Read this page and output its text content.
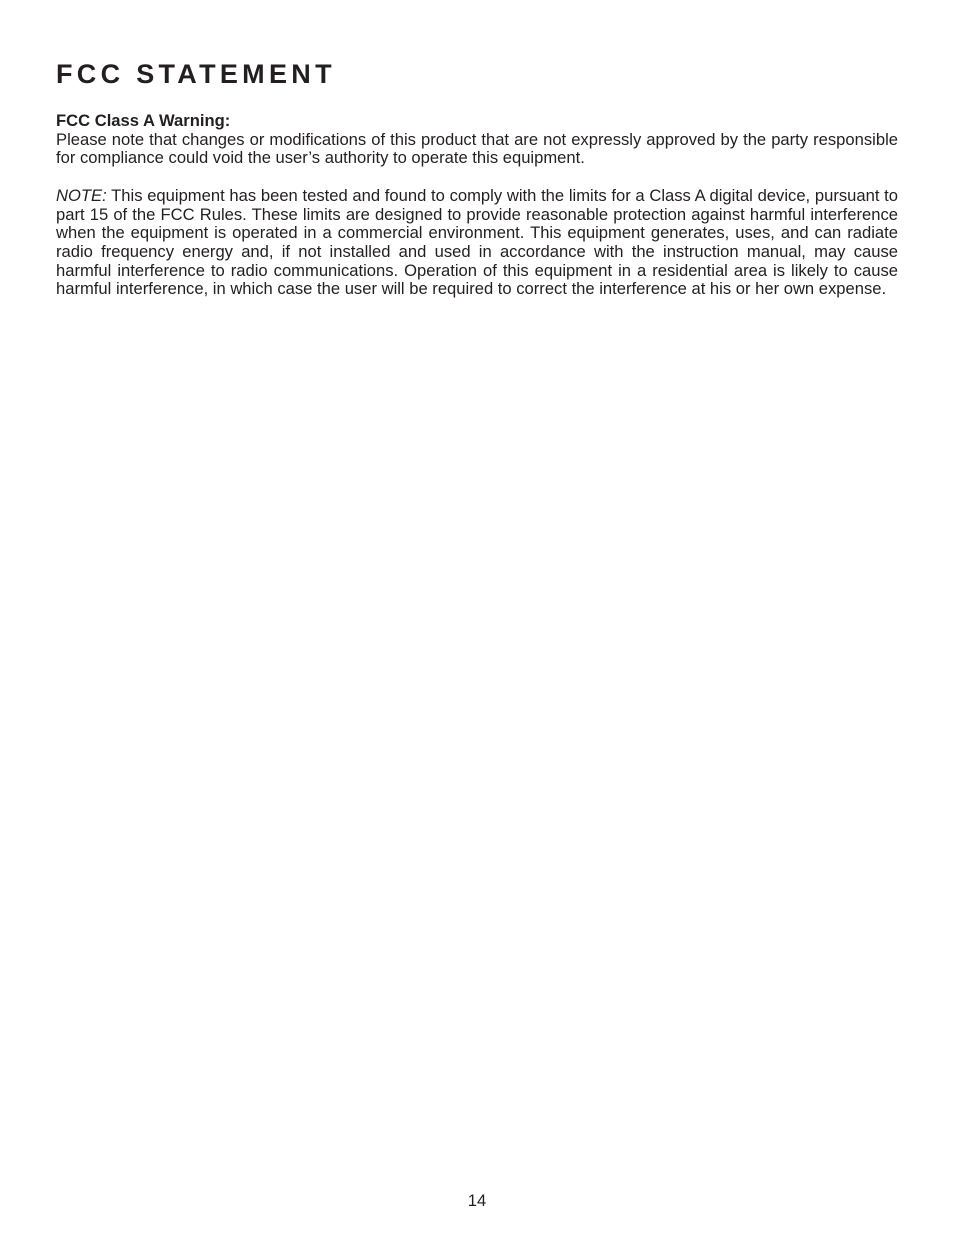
FCC STATEMENT

FCC Class A Warning:

Please note that changes or modifications of this product that are not expressly approved by the party responsible for compliance could void the user’s authority to operate this equipment.

NOTE: This equipment has been tested and found to comply with the limits for a Class A digital device, pursuant to part 15 of the FCC Rules. These limits are designed to provide reasonable protection against harmful interference when the equipment is operated in a commercial environment. This equipment generates, uses, and can radiate radio frequency energy and, if not installed and used in accordance with the instruction manual, may cause harmful interference to radio communications. Operation of this equipment in a residential area is likely to cause harmful interference, in which case the user will be required to correct the interference at his or her own expense.

14
